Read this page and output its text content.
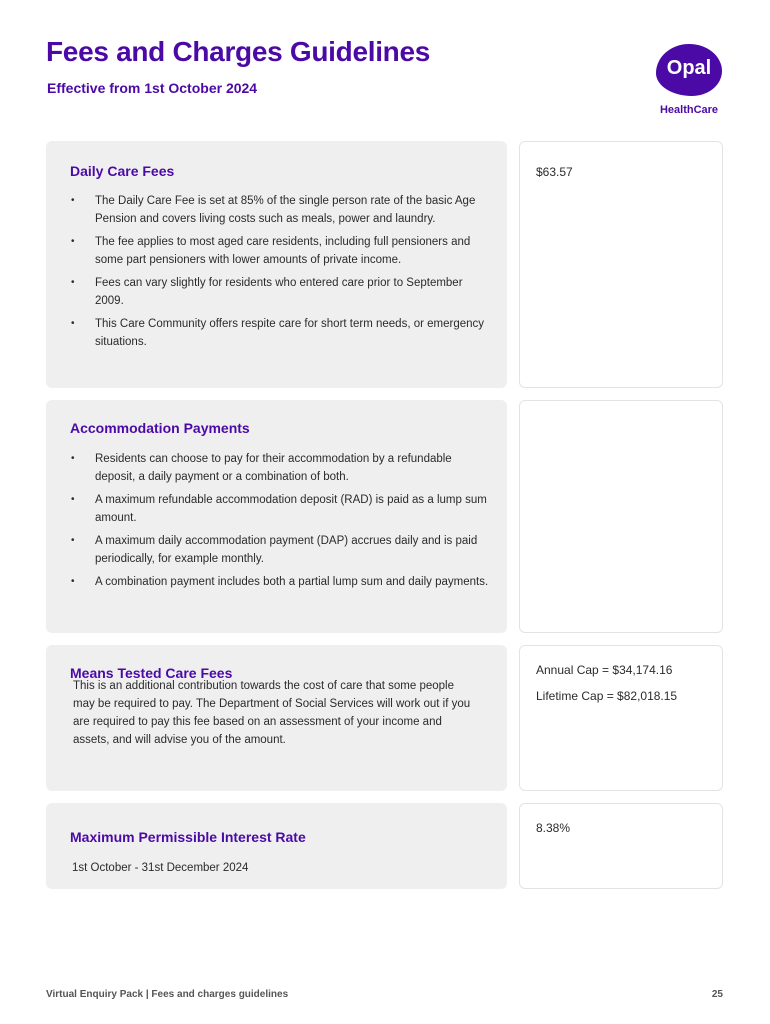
Fees and Charges Guidelines
Effective from 1st October 2024
Opal
HealthCare
Daily Care Fees
• The Daily Care Fee is set at 85% of the single person rate of the basic Age Pension and covers living costs such as meals, power and laundry.
• The fee applies to most aged care residents, including full pensioners and some part pensioners with lower amounts of private income.
• Fees can vary slightly for residents who entered care prior to September 2009.
• This Care Community offers respite care for short term needs, or emergency situations.
$63.57
Accommodation Payments
• Residents can choose to pay for their accommodation by a refundable deposit, a daily payment or a combination of both.
• A maximum refundable accommodation deposit (RAD) is paid as a lump sum amount.
• A maximum daily accommodation payment (DAP) accrues daily and is paid periodically, for example monthly.
• A combination payment includes both a partial lump sum and daily payments.
Means Tested Care Fees
This is an additional contribution towards the cost of care that some people may be required to pay. The Department of Social Services will work out if you are required to pay this fee based on an assessment of your income and assets, and will advise you of the amount.
Annual Cap = $34,174.16
Lifetime Cap = $82,018.15
Maximum Permissible Interest Rate
1st October - 31st December 2024
8.38%
Virtual Enquiry Pack | Fees and charges guidelines	25
